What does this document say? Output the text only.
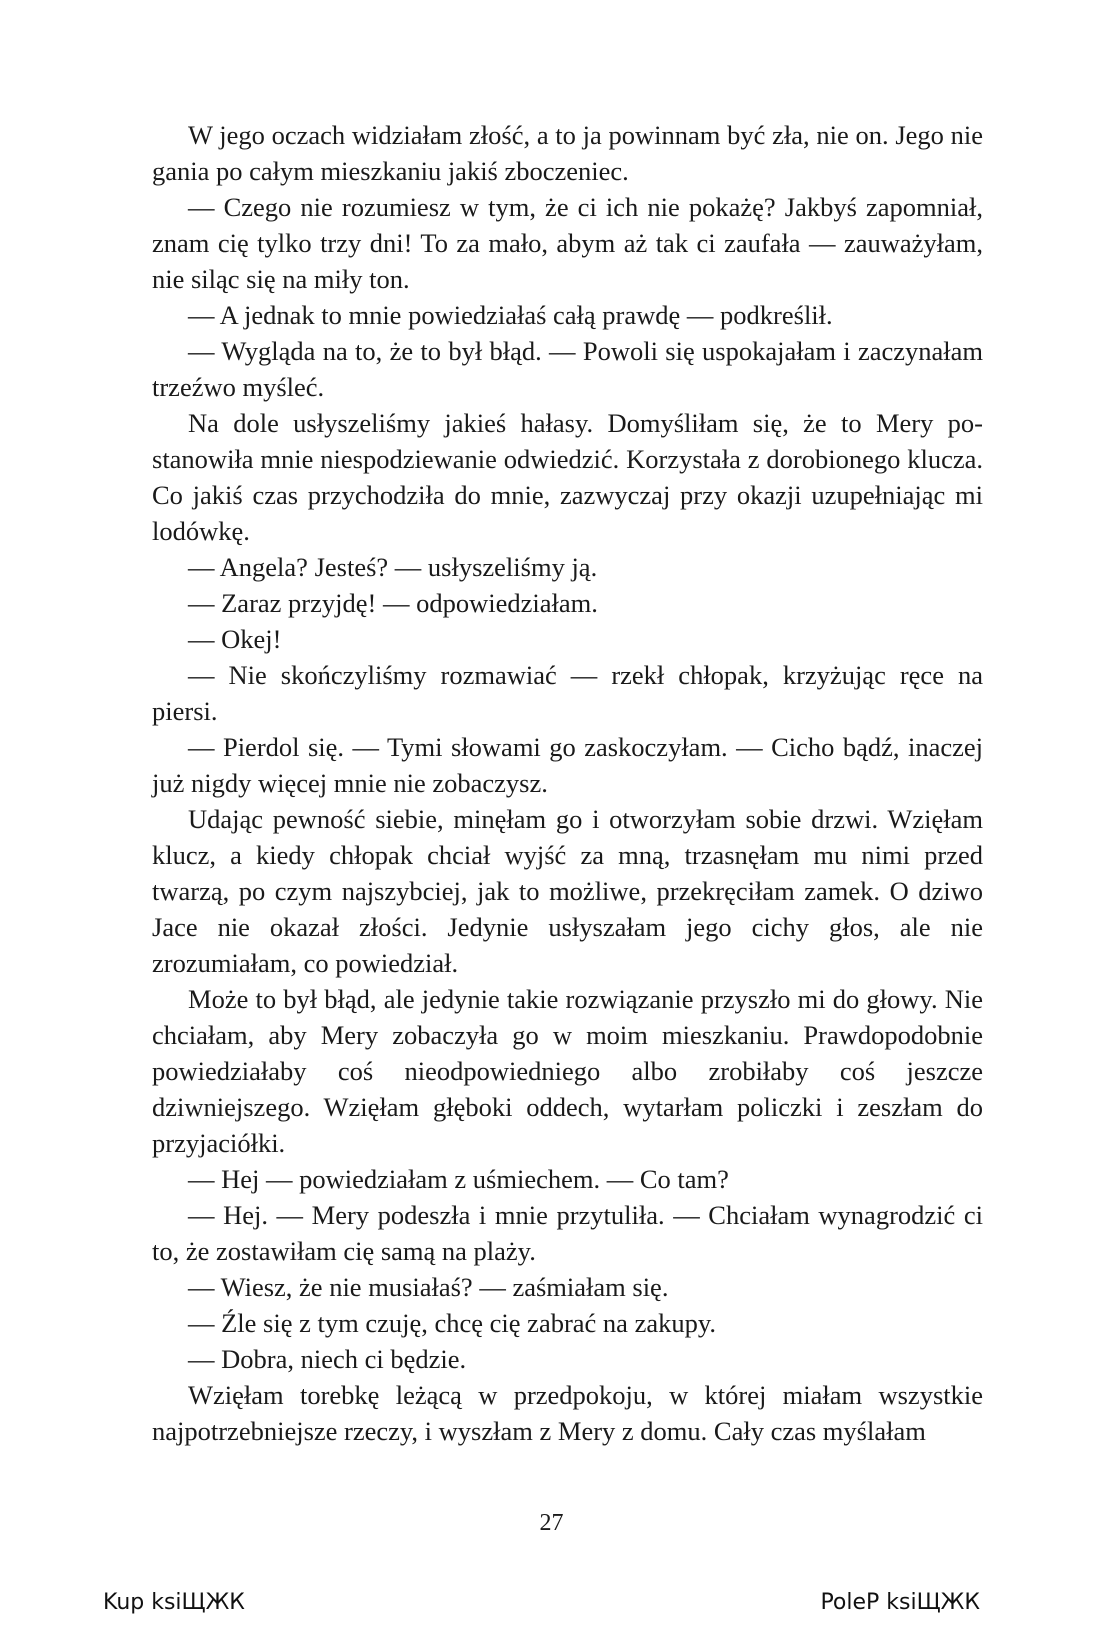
W jego oczach widziałam złość, a to ja powinnam być zła, nie on. Jego nie gania po całym mieszkaniu jakiś zboczeniec.

— Czego nie rozumiesz w tym, że ci ich nie pokażę? Jakbyś zapomniał, znam cię tylko trzy dni! To za mało, abym aż tak ci zaufała — zauważyłam, nie siląc się na miły ton.

— A jednak to mnie powiedziałaś całą prawdę — podkreślił.

— Wygląda na to, że to był błąd. — Powoli się uspokajałam i zaczynałam trzeźwo myśleć.

Na dole usłyszeliśmy jakieś hałasy. Domyśliłam się, że to Mery postanowiła mnie niespodziewanie odwiedzić. Korzystała z dorobionego klucza. Co jakiś czas przychodziła do mnie, zazwyczaj przy okazji uzupełniając mi lodówkę.

— Angela? Jesteś? — usłyszeliśmy ją.

— Zaraz przyjdę! — odpowiedziałam.

— Okej!

— Nie skończyliśmy rozmawiać — rzekł chłopak, krzyżując ręce na piersi.

— Pierdol się. — Tymi słowami go zaskoczyłam. — Cicho bądź, inaczej już nigdy więcej mnie nie zobaczysz.

Udając pewność siebie, minęłam go i otworzyłam sobie drzwi. Wzięłam klucz, a kiedy chłopak chciał wyjść za mną, trzasnęłam mu nimi przed twarzą, po czym najszybciej, jak to możliwe, przekręciłam zamek. O dziwo Jace nie okazał złości. Jedynie usłyszałam jego cichy głos, ale nie zrozumiałam, co powiedział.

Może to był błąd, ale jedynie takie rozwiązanie przyszło mi do głowy. Nie chciałam, aby Mery zobaczyła go w moim mieszkaniu. Prawdopodobnie powiedziałaby coś nieodpowiedniego albo zrobiłaby coś jeszcze dziwniejszego. Wzięłam głęboki oddech, wytarłam policzki i zeszłam do przyjaciółki.

— Hej — powiedziałam z uśmiechem. — Co tam?

— Hej. — Mery podeszła i mnie przytuliła. — Chciałam wynagrodzić ci to, że zostawiłam cię samą na plaży.

— Wiesz, że nie musiałaś? — zaśmiałam się.

— Źle się z tym czuję, chcę cię zabrać na zakupy.

— Dobra, niech ci będzie.

Wzięłam torebkę leżącą w przedpokoju, w której miałam wszystkie najpotrzebniejsze rzeczy, i wyszłam z Mery z domu. Cały czas myślałam

27
Kup ksiЩЖК	PoleP ksiЩЖК
